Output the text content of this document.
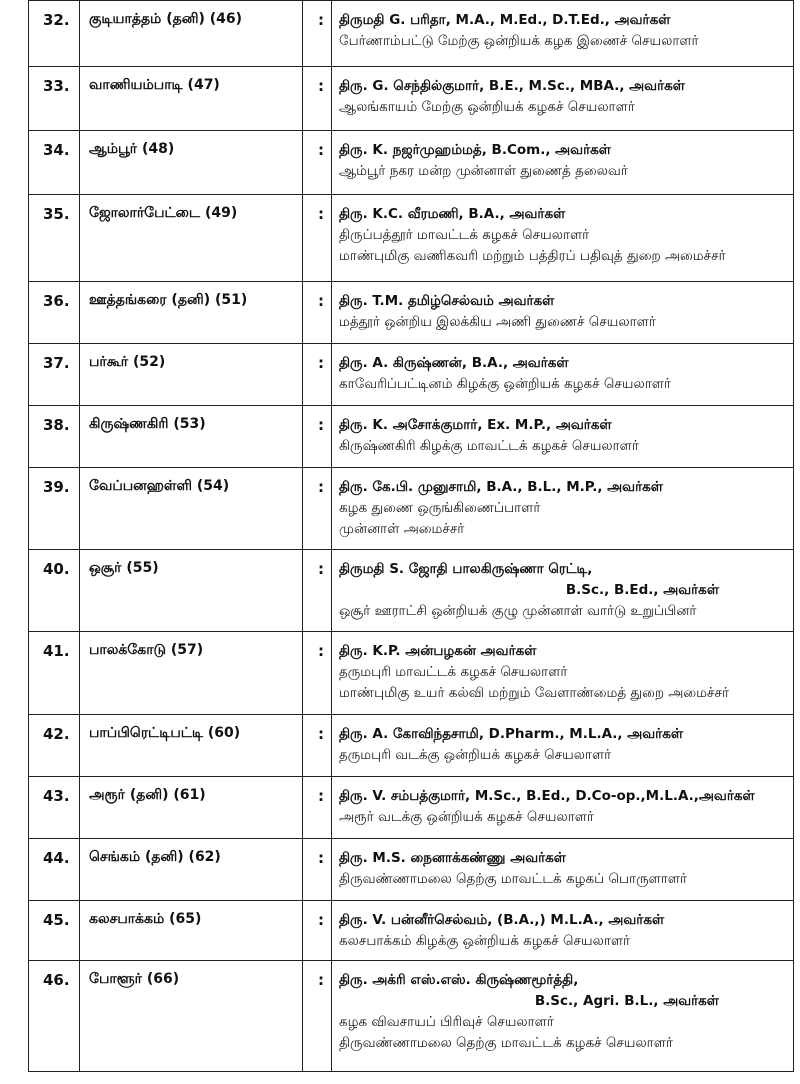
32. குடியாத்தம் (தனி) (46)	: திருமதி G. பரிதா, M.A., M.Ed., D.T.Ed., அவர்கள்
பேர்ணாம்பட்டு மேற்கு ஒன்றியக் கழக இணைச் செயலாளர்
33. வாணியம்பாடி (47)	: திரு. G. செந்தில்குமார், B.E., M.Sc., MBA., அவர்கள்
ஆலங்காயம் மேற்கு ஒன்றியக் கழகச் செயலாளர்
34. ஆம்பூர் (48)	: திரு. K. நஜர்முஹம்மத், B.Com., அவர்கள்
ஆம்பூர் நகர மன்ற முன்னாள் துணைத் தலைவர்
35. ஜோலார்பேட்டை (49)	: திரு. K.C. வீரமணி, B.A., அவர்கள்
திருப்பத்தூர் மாவட்டக் கழகச் செயலாளர்
மாண்புமிகு வணிகவரி மற்றும் பத்திரப் பதிவுத் துறை அமைச்சர்
36. ஊத்தங்கரை (தனி) (51)	: திரு. T.M. தமிழ்செல்வம் அவர்கள்
மத்தூர் ஒன்றிய இலக்கிய அணி துணைச் செயலாளர்
37. பர்கூர் (52)	: திரு. A. கிருஷ்ணன், B.A., அவர்கள்
காவேரிப்பட்டினம் கிழக்கு ஒன்றியக் கழகச் செயலாளர்
38. கிருஷ்ணகிரி (53)	: திரு. K. அசோக்குமார், Ex. M.P., அவர்கள்
கிருஷ்ணகிரி கிழக்கு மாவட்டக் கழகச் செயலாளர்
39. வேப்பனஹள்ளி (54)	: திரு. கே.பி. முனுசாமி, B.A., B.L., M.P., அவர்கள்
கழக துணை ஒருங்கிணைப்பாளர்
முன்னாள் அமைச்சர்
40. ஒசூர் (55)	: திருமதி S. ஜோதி பாலகிருஷ்ணா ரெட்டி,
B.Sc., B.Ed., அவர்கள்
ஒசூர் ஊராட்சி ஒன்றியக் குழு முன்னாள் வார்டு உறுப்பினர்
41. பாலக்கோடு (57)	: திரு. K.P. அன்பழகன் அவர்கள்
தருமபுரி மாவட்டக் கழகச் செயலாளர்
மாண்புமிகு உயர் கல்வி மற்றும் வேளாண்மைத் துறை அமைச்சர்
42. பாப்பிரெட்டிபட்டி (60)	: திரு. A. கோவிந்தசாமி, D.Pharm., M.L.A., அவர்கள்
தருமபுரி வடக்கு ஒன்றியக் கழகச் செயலாளர்
43. அரூர் (தனி) (61)	: திரு. V. சம்பத்குமார், M.Sc., B.Ed., D.Co-op.,M.L.A.,அவர்கள்
அரூர் வடக்கு ஒன்றியக் கழகச் செயலாளர்
44. செங்கம் (தனி) (62)	: திரு. M.S. நைனாக்கண்ணு அவர்கள்
திருவண்ணாமலை தெற்கு மாவட்டக் கழகப் பொருளாளர்
45. கலசபாக்கம் (65)	: திரு. V. பன்னீர்செல்வம், (B.A.,) M.L.A., அவர்கள்
கலசபாக்கம் கிழக்கு ஒன்றியக் கழகச் செயலாளர்
46. போளூர் (66)	: திரு. அக்ரி எஸ்.எஸ். கிருஷ்ணமூர்த்தி,
B.Sc., Agri. B.L., அவர்கள்
கழக விவசாயப் பிரிவுச் செயலாளர்
திருவண்ணாமலை தெற்கு மாவட்டக் கழகச் செயலாளர்
